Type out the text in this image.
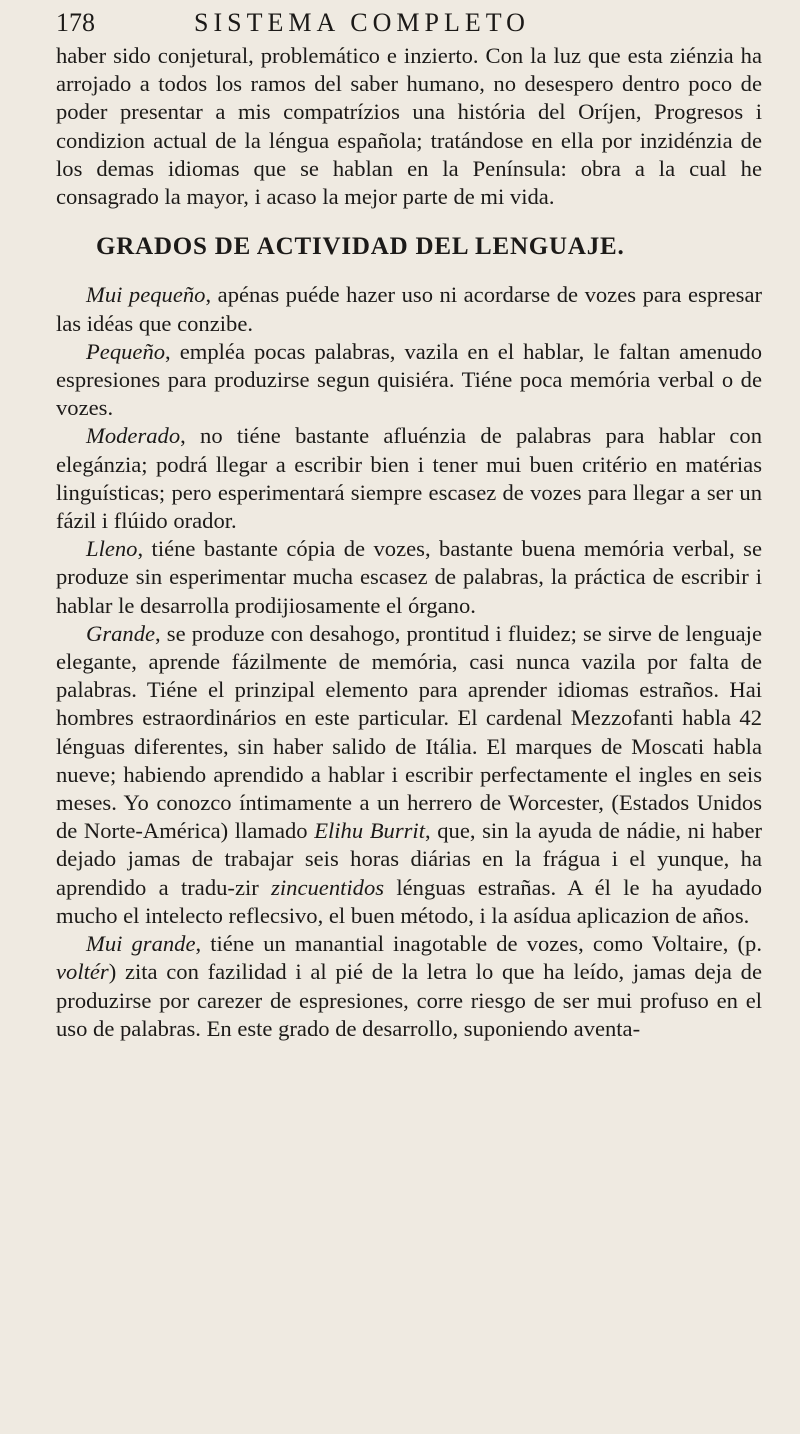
178	SISTEMA COMPLETO

haber sido conjetural, problemático e inzierto. Con la luz que esta ziénzia ha arrojado a todos los ramos del saber humano, no desespero dentro poco de poder presentar a mis compatrízios una história del Oríjen, Progresos i condizion actual de la léngua española; tratándose en ella por inzidénzia de los demas idiomas que se hablan en la Península: obra a la cual he consagrado la mayor, i acaso la mejor parte de mi vida.

GRADOS DE ACTIVIDAD DEL LENGUAJE.

Mui pequeño, apénas puéde hazer uso ni acordarse de vozes para espresar las idéas que conzibe.

Pequeño, empléa pocas palabras, vazila en el hablar, le faltan amenudo espresiones para produzirse segun quisiéra. Tiéne poca memória verbal o de vozes.

Moderado, no tiéne bastante afluénzia de palabras para hablar con elegánzia; podrá llegar a escribir bien i tener mui buen critério en matérias linguísticas; pero esperimentará siempre escasez de vozes para llegar a ser un fázil i flúido orador.

Lleno, tiéne bastante cópia de vozes, bastante buena memória verbal, se produze sin esperimentar mucha escasez de palabras, la práctica de escribir i hablar le desarrolla prodijiosamente el órgano.

Grande, se produze con desahogo, prontitud i fluidez; se sirve de lenguaje elegante, aprende fázilmente de memória, casi nunca vazila por falta de palabras. Tiéne el prinzipal elemento para aprender idiomas estraños. Hai hombres estraordinários en este particular. El cardenal Mezzofanti habla 42 lénguas diferentes, sin haber salido de Itália. El marques de Moscati habla nueve; habiendo aprendido a hablar i escribir perfectamente el ingles en seis meses. Yo conozco íntimamente a un herrero de Worcester, (Estados Unidos de Norte-América) llamado Elihu Burrit, que, sin la ayuda de nádie, ni haber dejado jamas de trabajar seis horas diárias en la frágua i el yunque, ha aprendido a tradu-zir zincuentidos lénguas estrañas. A él le ha ayudado mucho el intelecto reflecsivo, el buen método, i la asídua aplicazion de años.

Mui grande, tiéne un manantial inagotable de vozes, como Voltaire, (p. voltér) zita con fazilidad i al pié de la letra lo que ha leído, jamas deja de produzirse por carezer de espresiones, corre riesgo de ser mui profuso en el uso de palabras. En este grado de desarrollo, suponiendo aventa-
